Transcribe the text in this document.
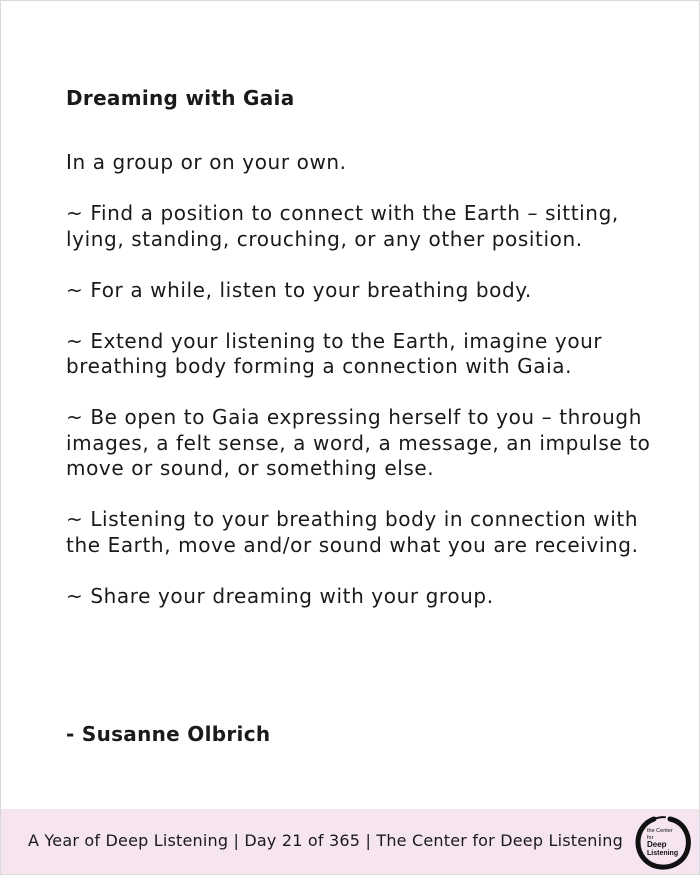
Dreaming with Gaia

In a group or on your own.

~ Find a position to connect with the Earth – sitting, lying, standing, crouching, or any other position.

~ For a while, listen to your breathing body.

~ Extend your listening to the Earth, imagine your breathing body forming a connection with Gaia.

~ Be open to Gaia expressing herself to you – through images, a felt sense, a word, a message, an impulse to move or sound, or something else.

~ Listening to your breathing body in connection with the Earth, move and/or sound what you are receiving.

~ Share your dreaming with your group.

- Susanne Olbrich
A Year of Deep Listening | Day 21 of 365 | The Center for Deep Listening	the Center
for
Deep
Listening
